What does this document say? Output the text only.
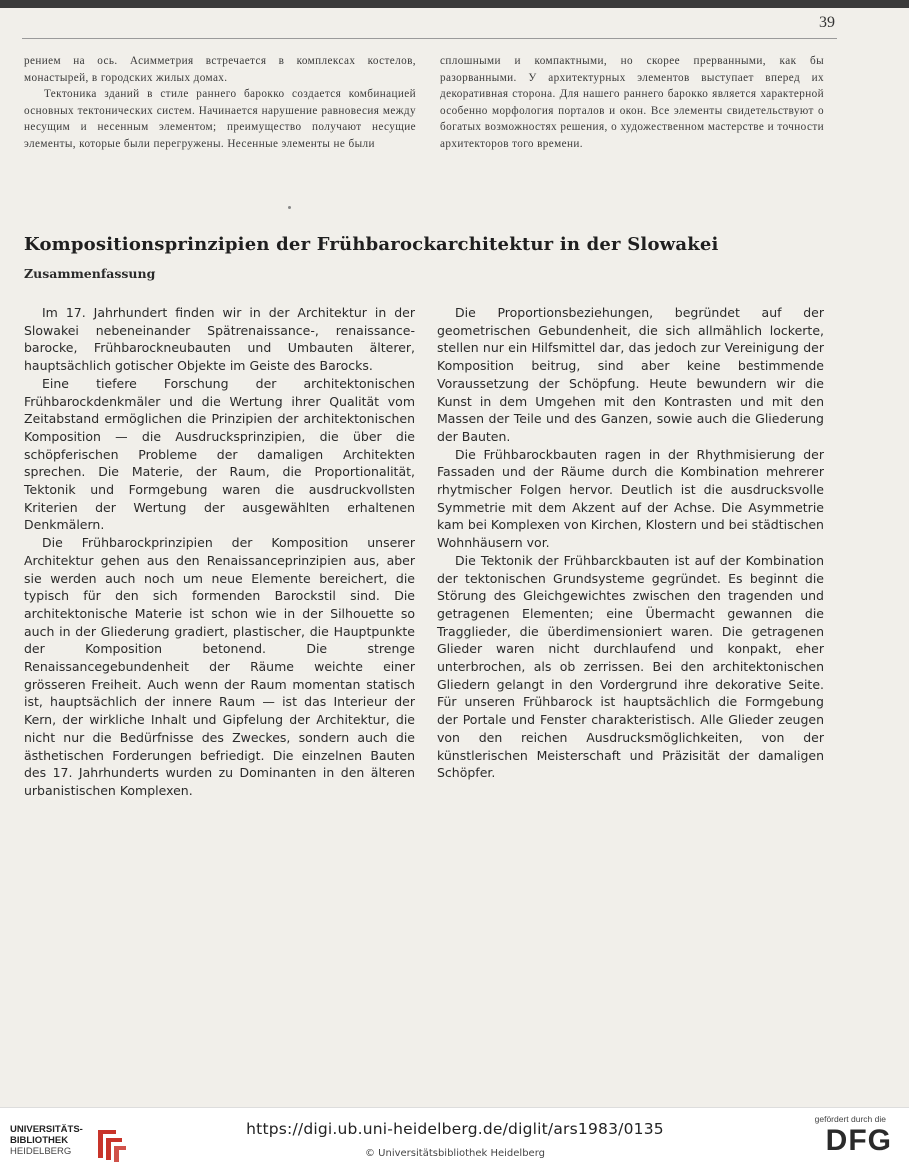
39

рением на ось. Асимметрия встречается в комплексах костелов, монастырей, в городских жилых домах.

Тектоника зданий в стиле раннего барокко создается комбинацией основных тектонических систем. Начинается нарушение равновесия между несущим и несенным элементом; преимущество получают несущие элементы, которые были перегружены. Несенные элементы не были

сплошными и компактными, но скорее прерванными, как бы разорванными. У архитектурных элементов выступает вперед их декоративная сторона. Для нашего раннего барокко является характерной особенно морфология порталов и окон. Все элементы свидетельствуют о богатых возможностях решения, о художественном мастерстве и точности архитекторов того времени.

Kompositionsprinzipien der Frühbarockarchitektur in der Slowakei
Zusammenfassung

Im 17. Jahrhundert finden wir in der Architektur in der Slowakei nebeneinander Spätrenaissance-, renaissance-barocke, Frühbarockneubauten und Umbauten älterer, hauptsächlich gotischer Objekte im Geiste des Barocks.

Eine tiefere Forschung der architektonischen Frühbarockdenkmäler und die Wertung ihrer Qualität vom Zeitabstand ermöglichen die Prinzipien der architektonischen Komposition — die Ausdrucksprinzipien, die über die schöpferischen Probleme der damaligen Architekten sprechen. Die Materie, der Raum, die Proportionalität, Tektonik und Formgebung waren die ausdruckvollsten Kriterien der Wertung der ausgewählten erhaltenen Denkmälern.

Die Frühbarockprinzipien der Komposition unserer Architektur gehen aus den Renaissanceprinzipien aus, aber sie werden auch noch um neue Elemente bereichert, die typisch für den sich formenden Barockstil sind. Die architektonische Materie ist schon wie in der Silhouette so auch in der Gliederung gradiert, plastischer, die Hauptpunkte der Komposition betonend. Die strenge Renaissancegebundenheit der Räume weichte einer grösseren Freiheit. Auch wenn der Raum momentan statisch ist, hauptsächlich der innere Raum — ist das Interieur der Kern, der wirkliche Inhalt und Gipfelung der Architektur, die nicht nur die Bedürfnisse des Zweckes, sondern auch die ästhetischen Forderungen befriedigt. Die einzelnen Bauten des 17. Jahrhunderts wurden zu Dominanten in den älteren urbanistischen Komplexen.

Die Proportionsbeziehungen, begründet auf der geometrischen Gebundenheit, die sich allmählich lockerte, stellen nur ein Hilfsmittel dar, das jedoch zur Vereinigung der Komposition beitrug, sind aber keine bestimmende Voraussetzung der Schöpfung. Heute bewundern wir die Kunst in dem Umgehen mit den Kontrasten und mit den Massen der Teile und des Ganzen, sowie auch die Gliederung der Bauten.

Die Frühbarockbauten ragen in der Rhythmisierung der Fassaden und der Räume durch die Kombination mehrerer rhytmischer Folgen hervor. Deutlich ist die ausdrucksvolle Symmetrie mit dem Akzent auf der Achse. Die Asymmetrie kam bei Komplexen von Kirchen, Klostern und bei städtischen Wohnhäusern vor.

Die Tektonik der Frühbarckbauten ist auf der Kombination der tektonischen Grundsysteme gegründet. Es beginnt die Störung des Gleichgewichtes zwischen den tragenden und getragenen Elementen; eine Übermacht gewannen die Tragglieder, die überdimensioniert waren. Die getragenen Glieder waren nicht durchlaufend und konpakt, eher unterbrochen, als ob zerrissen. Bei den architektonischen Gliedern gelangt in den Vordergrund ihre dekorative Seite. Für unseren Frühbarock ist hauptsächlich die Formgebung der Portale und Fenster charakteristisch. Alle Glieder zeugen von den reichen Ausdrucksmöglichkeiten, von der künstlerischen Meisterschaft und Präzisität der damaligen Schöpfer.

UNIVERSITÄTS-
BIBLIOTHEK
HEIDELBERG
https://digi.ub.uni-heidelberg.de/diglit/ars1983/0135
© Universitätsbibliothek Heidelberg
gefördert durch die
DFG
